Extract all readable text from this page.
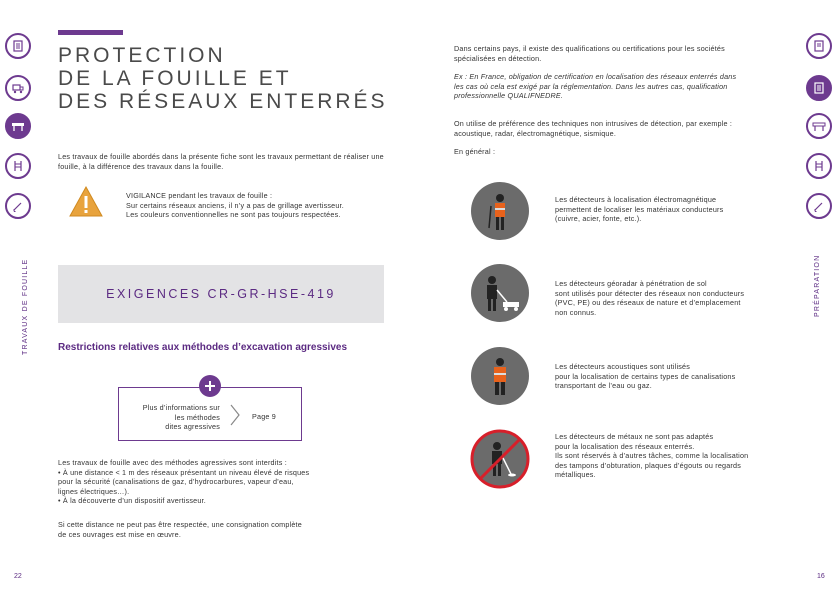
TRAVAUX DE FOUILLE
PROTECTION
DE LA FOUILLE ET
DES RÉSEAUX ENTERRÉS
Les travaux de fouille abordés dans la présente fiche sont les travaux permettant de réaliser une fouille, à la différence des travaux dans la fouille.
VIGILANCE pendant les travaux de fouille :
Sur certains réseaux anciens, il n’y a pas de grillage avertisseur.
Les couleurs conventionnelles ne sont pas toujours respectées.
EXIGENCES CR-GR-HSE-419
Restrictions relatives aux méthodes d’excavation agressives
Plus d’informations sur
les méthodes
dites agressives
Page 9
Les travaux de fouille avec des méthodes agressives sont interdits :
• À une distance < 1 m des réseaux présentant un niveau élevé de risques
pour la sécurité (canalisations de gaz, d’hydrocarbures, vapeur d’eau,
lignes électriques…).
• À la découverte d’un dispositif avertisseur.
Si cette distance ne peut pas être respectée, une consignation complète
de ces ouvrages est mise en œuvre.
22
Dans certains pays, il existe des qualifications ou certifications pour les sociétés
spécialisées en détection.
Ex : En France, obligation de certification en localisation des réseaux enterrés dans
les cas où cela est exigé par la réglementation. Dans les autres cas, qualification
professionnelle QUALIFNEDRE.
On utilise de préférence des techniques non intrusives de détection, par exemple :
acoustique, radar, électromagnétique, sismique.
En général :
Les détecteurs à localisation électromagnétique
permettent de localiser les matériaux conducteurs
(cuivre, acier, fonte, etc.).
Les détecteurs géoradar à pénétration de sol
sont utilisés pour détecter des réseaux non conducteurs
(PVC, PE) ou des réseaux de nature et d’emplacement
non connus.
Les détecteurs acoustiques sont utilisés
pour la localisation de certains types de canalisations
transportant de l’eau ou gaz.
Les détecteurs de métaux ne sont pas adaptés
pour la localisation des réseaux enterrés.
Ils sont réservés à d’autres tâches, comme la localisation
des tampons d’obturation, plaques d’égouts ou regards
métalliques.
PRÉPARATION
16
